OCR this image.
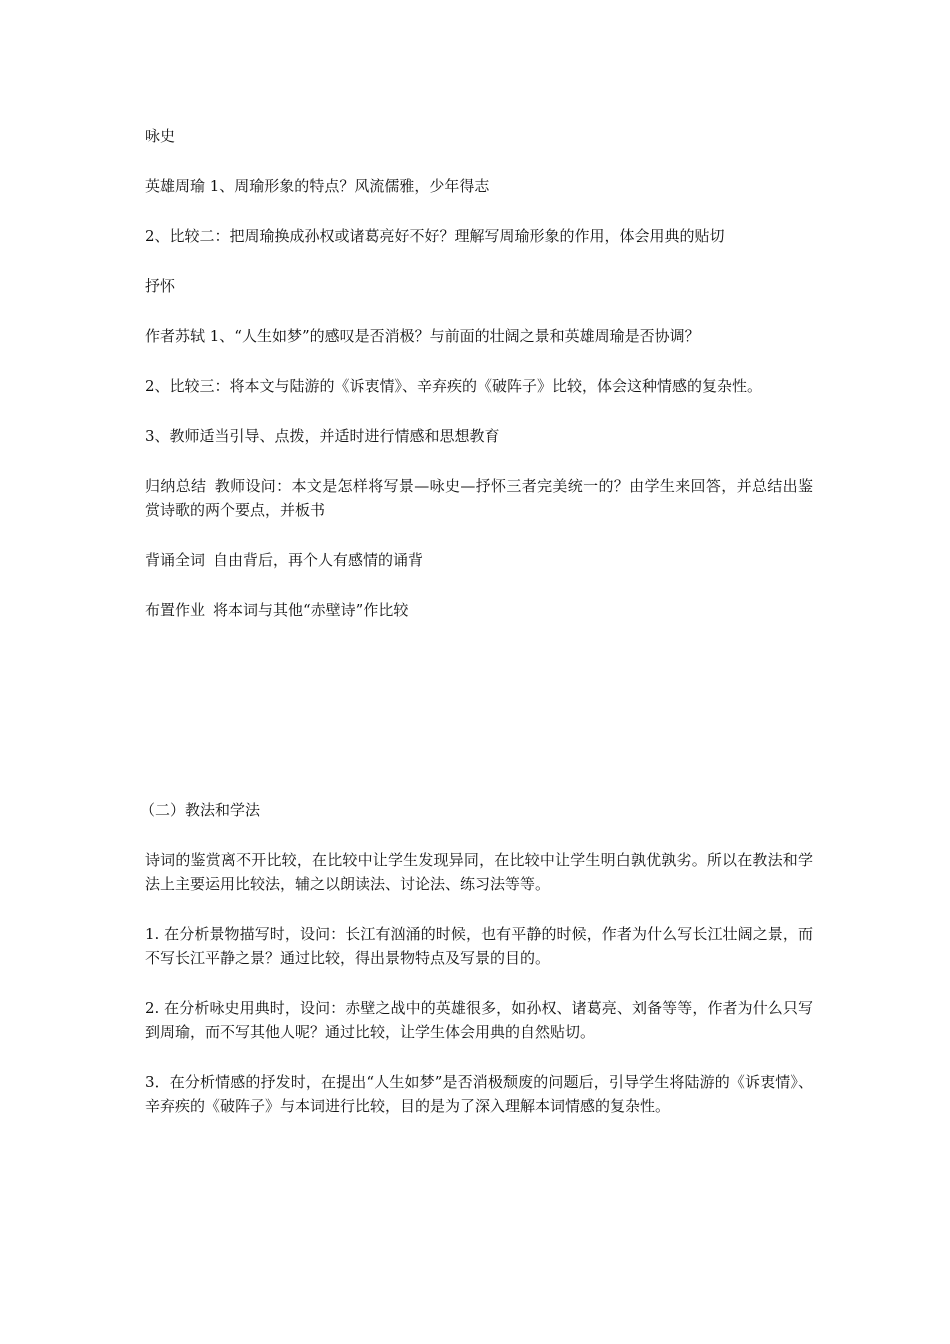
咏史

英雄周瑜 1、周瑜形象的特点？风流儒雅，少年得志

2、比较二：把周瑜换成孙权或诸葛亮好不好？理解写周瑜形象的作用，体会用典的贴切

抒怀

作者苏轼 1、“人生如梦”的感叹是否消极？与前面的壮阔之景和英雄周瑜是否协调？

2、比较三：将本文与陆游的《诉衷情》、辛弃疾的《破阵子》比较，体会这种情感的复杂性。

3、教师适当引导、点拨，并适时进行情感和思想教育

归纳总结 教师设问：本文是怎样将写景—咏史—抒怀三者完美统一的？由学生来回答，并总结出鉴赏诗歌的两个要点，并板书

背诵全词 自由背后，再个人有感情的诵背

布置作业 将本词与其他“赤壁诗”作比较

（二）教法和学法

诗词的鉴赏离不开比较，在比较中让学生发现异同，在比较中让学生明白孰优孰劣。所以在教法和学法上主要运用比较法，辅之以朗读法、讨论法、练习法等等。

1. 在分析景物描写时，设问：长江有汹涌的时候，也有平静的时候，作者为什么写长江壮阔之景，而不写长江平静之景？通过比较，得出景物特点及写景的目的。

2. 在分析咏史用典时，设问：赤壁之战中的英雄很多，如孙权、诸葛亮、刘备等等，作者为什么只写到周瑜，而不写其他人呢？通过比较，让学生体会用典的自然贴切。

3．在分析情感的抒发时，在提出“人生如梦”是否消极颓废的问题后，引导学生将陆游的《诉衷情》、辛弃疾的《破阵子》与本词进行比较，目的是为了深入理解本词情感的复杂性。
